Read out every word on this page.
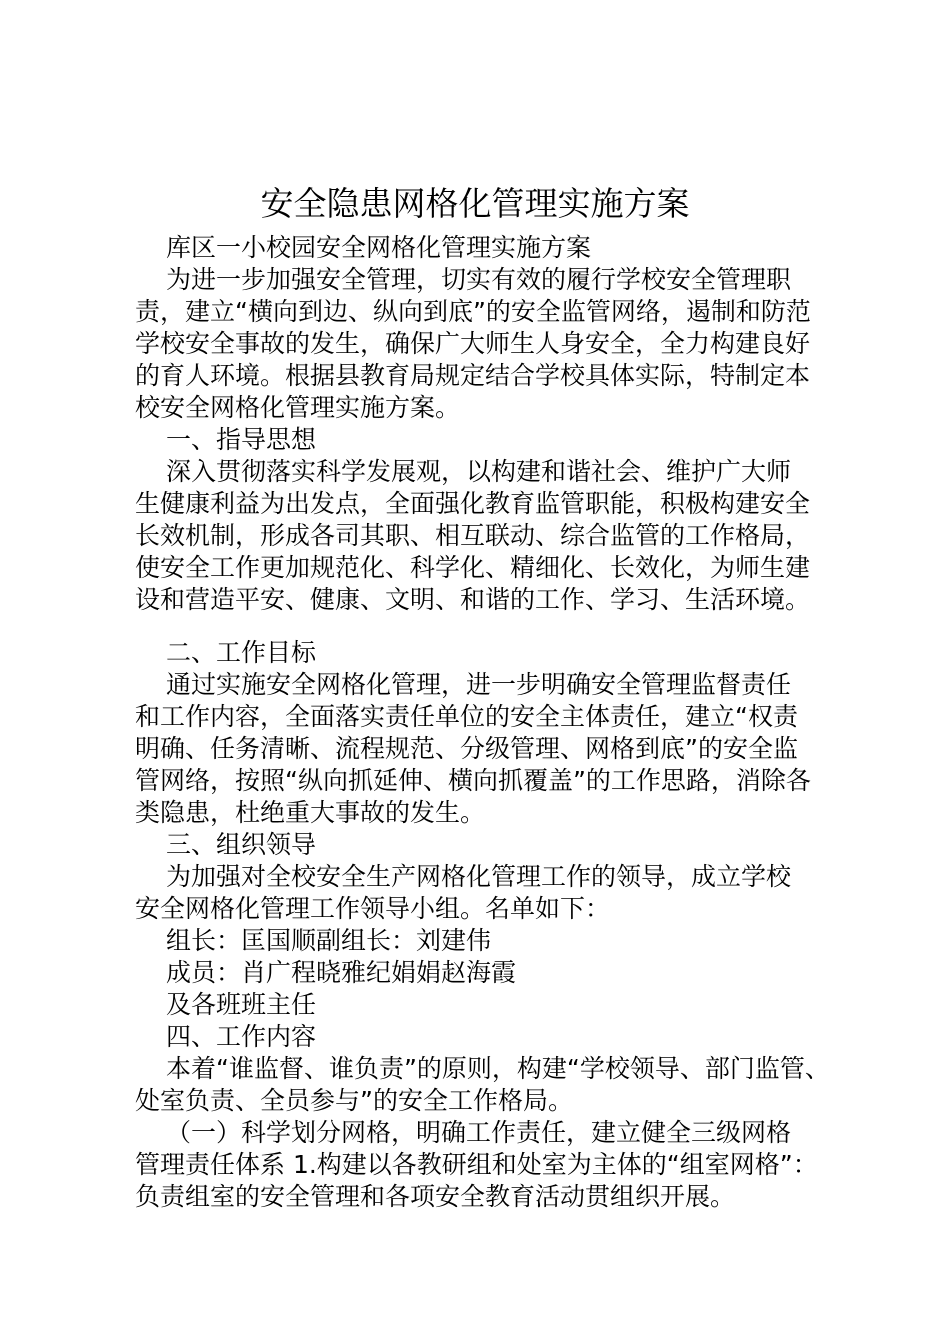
安全隐患网格化管理实施方案

库区一小校园安全网格化管理实施方案

为进一步加强安全管理，切实有效的履行学校安全管理职

责，建立“横向到边、纵向到底”的安全监管网络，遏制和防范

学校安全事故的发生，确保广大师生人身安全，全力构建良好

的育人环境。根据县教育局规定结合学校具体实际，特制定本

校安全网格化管理实施方案。

一、指导思想

深入贯彻落实科学发展观，以构建和谐社会、维护广大师

生健康利益为出发点，全面强化教育监管职能，积极构建安全

长效机制，形成各司其职、相互联动、综合监管的工作格局，

使安全工作更加规范化、科学化、精细化、长效化，为师生建

设和营造平安、健康、文明、和谐的工作、学习、生活环境。

二、工作目标

通过实施安全网格化管理，进一步明确安全管理监督责任

和工作内容，全面落实责任单位的安全主体责任，建立“权责

明确、任务清晰、流程规范、分级管理、网格到底”的安全监

管网络，按照“纵向抓延伸、横向抓覆盖”的工作思路，消除各

类隐患，杜绝重大事故的发生。

三、组织领导

为加强对全校安全生产网格化管理工作的领导，成立学校

安全网格化管理工作领导小组。名单如下：

组长：匡国顺副组长：刘建伟

成员：肖广程晓雅纪娟娟赵海霞

及各班班主任

四、工作内容

本着“谁监督、谁负责”的原则，构建“学校领导、部门监管、

处室负责、全员参与”的安全工作格局。

（一）科学划分网格，明确工作责任，建立健全三级网格

管理责任体系 1.构建以各教研组和处室为主体的“组室网格”：

负责组室的安全管理和各项安全教育活动贯组织开展。
